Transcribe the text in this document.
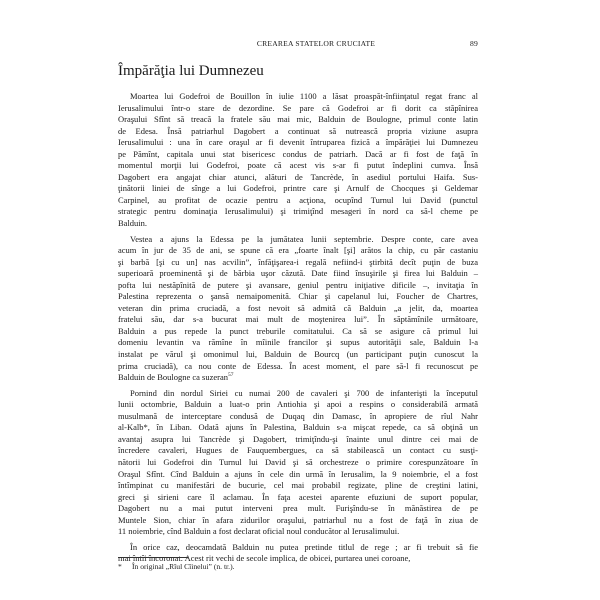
CREAREA STATELOR CRUCIATE	89
Împărăţia lui Dumnezeu
Moartea lui Godefroi de Bouillon în iulie 1100 a lăsat proaspăt-înfiinţatul regat franc al
Ierusalimului într-o stare de dezordine. Se pare că Godefroi ar fi dorit ca stăpînirea
Oraşului Sfînt să treacă la fratele său mai mic, Balduin de Boulogne, primul conte latin
de Edesa. Însă patriarhul Dagobert a continuat să nutrească propria viziune asupra
Ierusalimului : una în care oraşul ar fi devenit întruparea fizică a împărăţiei lui Dumnezeu
pe Pămînt, capitala unui stat bisericesc condus de patriarh. Dacă ar fi fost de faţă în
momentul morţii lui Godefroi, poate că acest vis s-ar fi putut îndeplini cumva. Însă
Dagobert era angajat chiar atunci, alături de Tancrède, în asediul portului Haifa. Sus-
ţinătorii liniei de sînge a lui Godefroi, printre care şi Arnulf de Chocques şi Geldemar
Carpinel, au profitat de ocazie pentru a acţiona, ocupînd Turnul lui David (punctul
strategic pentru dominaţia Ierusalimului) şi trimiţînd mesageri în nord ca să-l cheme pe
Balduin.
Vestea a ajuns la Edessa pe la jumătatea lunii septembrie. Despre conte, care avea
acum în jur de 35 de ani, se spune că era „foarte înalt [şi] arătos la chip, cu păr castaniu
şi barbă [şi cu un] nas acvilin”, înfăţişarea-i regală nefiind-i ştirbită decît puţin de buza
superioară proeminentă şi de bărbia uşor căzută. Date fiind însuşirile şi firea lui Balduin –
pofta lui nestăpînită de putere şi avansare, geniul pentru iniţiative dificile –, invitaţia în
Palestina reprezenta o şansă nemaipomenită. Chiar şi capelanul lui, Foucher de Chartres,
veteran din prima cruciadă, a fost nevoit să admită că Balduin „a jelit, da, moartea
fratelui său, dar s-a bucurat mai mult de moştenirea lui”. În săptămînile următoare,
Balduin a pus repede la punct treburile comitatului. Ca să se asigure că primul lui
domeniu levantin va rămîne în mîinile francilor şi supus autorităţii sale, Balduin l-a
instalat pe vărul şi omonimul lui, Balduin de Bourcq (un participant puţin cunoscut la
prima cruciadă), ca nou conte de Edessa. În acest moment, el pare să-l fi recunoscut pe
Balduin de Boulogne ca suzeran$^{57}$
Pornind din nordul Siriei cu numai 200 de cavaleri şi 700 de infanterişti la începutul
lunii octombrie, Balduin a luat-o prin Antiohia şi apoi a respins o considerabilă armată
musulmană de interceptare condusă de Duqaq din Damasc, în apropiere de rîul Nahr
al-Kalb*, în Liban. Odată ajuns în Palestina, Balduin s-a mişcat repede, ca să obţină un
avantaj asupra lui Tancrède şi Dagobert, trimiţîndu-şi înainte unul dintre cei mai de
încredere cavaleri, Hugues de Fauquembergues, ca să stabilească un contact cu susţi-
nătorii lui Godefroi din Turnul lui David şi să orchestreze o primire corespunzătoare în
Oraşul Sfînt. Cînd Balduin a ajuns în cele din urmă în Ierusalim, la 9 noiembrie, el a fost
întîmpinat cu manifestări de bucurie, cel mai probabil regizate, pline de creştini latini,
greci şi sirieni care îl aclamau. În faţa acestei aparente efuziuni de suport popular,
Dagobert nu a mai putut interveni prea mult. Furişîndu-se în mănăstirea de pe
Muntele Sion, chiar în afara zidurilor oraşului, patriarhul nu a fost de faţă în ziua de
11 noiembrie, cînd Balduin a fost declarat oficial noul conducător al Ierusalimului.
În orice caz, deocamdată Balduin nu putea pretinde titlul de rege ; ar fi trebuit să fie
mai întîi încoronat. Acest rit vechi de secole implica, de obicei, purtarea unei coroane,
* În original „Rîul Cîinelui” (n. tr.).
